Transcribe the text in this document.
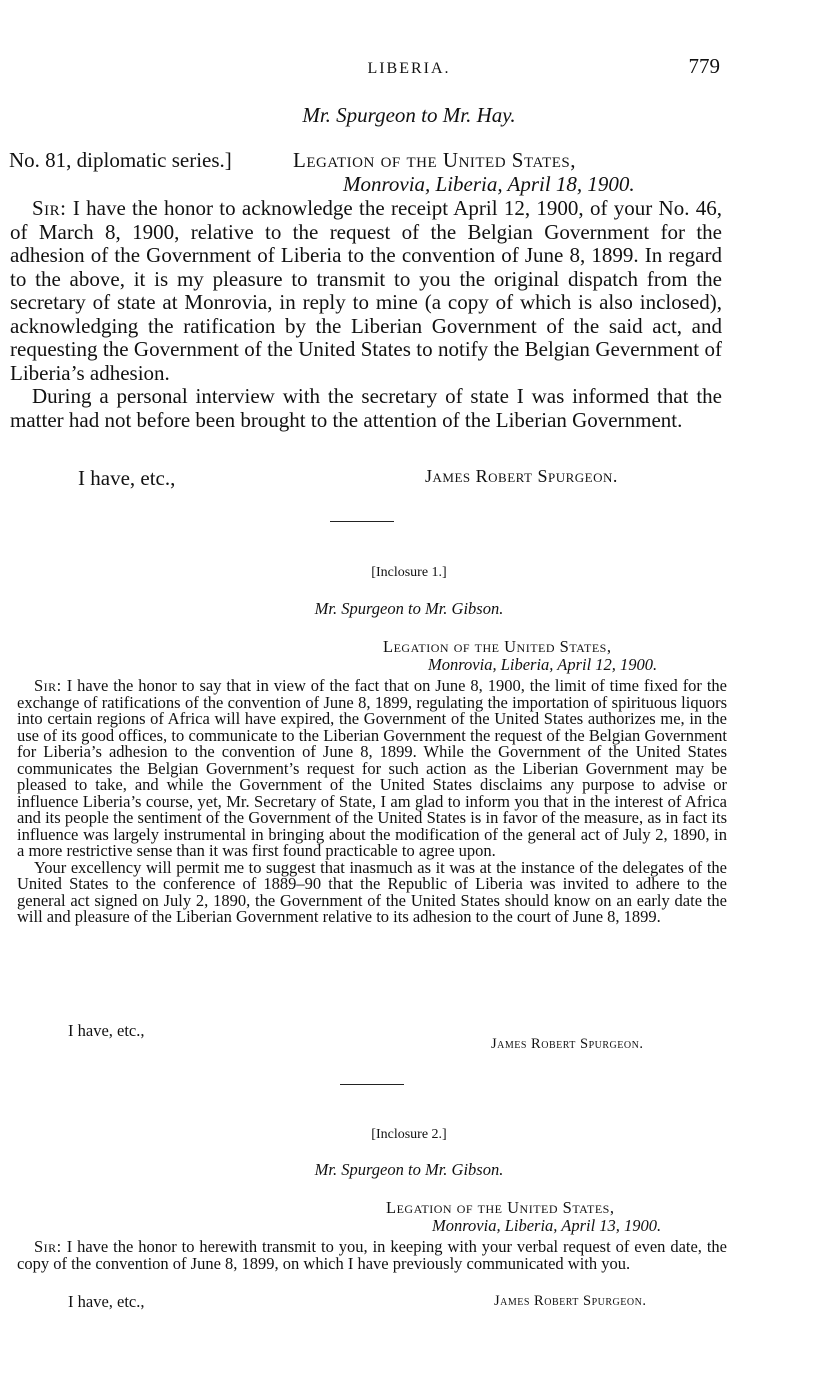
LIBERIA.	779
Mr. Spurgeon to Mr. Hay.
No. 81, diplomatic series.]	Legation of the United States,
Monrovia, Liberia, April 18, 1900.

Sir: I have the honor to acknowledge the receipt April 12, 1900, of your No. 46, of March 8, 1900, relative to the request of the Belgian Government for the adhesion of the Government of Liberia to the convention of June 8, 1899. In regard to the above, it is my pleasure to transmit to you the original dispatch from the secretary of state at Monrovia, in reply to mine (a copy of which is also inclosed), acknowledging the ratification by the Liberian Government of the said act, and requesting the Government of the United States to notify the Belgian Gevernment of Liberia’s adhesion.

During a personal interview with the secretary of state I was informed that the matter had not before been brought to the attention of the Liberian Government.

I have, etc.,	James Robert Spurgeon.
[Inclosure 1.]
Mr. Spurgeon to Mr. Gibson.
Legation of the United States,
Monrovia, Liberia, April 12, 1900.

Sir: I have the honor to say that in view of the fact that on June 8, 1900, the limit of time fixed for the exchange of ratifications of the convention of June 8, 1899, regulating the importation of spirituous liquors into certain regions of Africa will have expired, the Government of the United States authorizes me, in the use of its good offices, to communicate to the Liberian Government the request of the Belgian Government for Liberia’s adhesion to the convention of June 8, 1899. While the Government of the United States communicates the Belgian Government’s request for such action as the Liberian Government may be pleased to take, and while the Government of the United States disclaims any purpose to advise or influence Liberia’s course, yet, Mr. Secretary of State, I am glad to inform you that in the interest of Africa and its people the sentiment of the Government of the United States is in favor of the measure, as in fact its influence was largely instrumental in bringing about the modification of the general act of July 2, 1890, in a more restrictive sense than it was first found practicable to agree upon.

Your excellency will permit me to suggest that inasmuch as it was at the instance of the delegates of the United States to the conference of 1889–90 that the Republic of Liberia was invited to adhere to the general act signed on July 2, 1890, the Government of the United States should know on an early date the will and pleasure of the Liberian Government relative to its adhesion to the court of June 8, 1899.

I have, etc.,
James Robert Spurgeon.
[Inclosure 2.]
Mr. Spurgeon to Mr. Gibson.
Legation of the United States,
Monrovia, Liberia, April 13, 1900.

Sir: I have the honor to herewith transmit to you, in keeping with your verbal request of even date, the copy of the convention of June 8, 1899, on which I have previously communicated with you.

I have, etc.,	James Robert Spurgeon.
